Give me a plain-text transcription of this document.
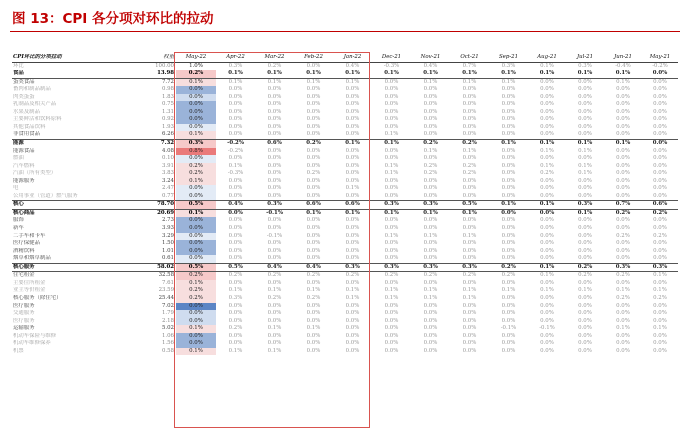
图 13：CPI 各分项对环比的拉动
CPI环比的分项拉动	权重	May-22	Apr-22	Mar-22	Feb-22	Jan-22	Dec-21	Nov-21	Oct-21	Sep-21	Aug-21	Jul-21	Jun-21	May-21
环比	100.00	1.0%	0.3%	0.2%	0.0%	0.4%	-0.3%	0.4%	0.7%	0.3%	0.1%	0.3%	-0.4%	-0.2%
食品	13.98	0.2%	0.1%	0.1%	0.1%	0.1%	0.1%	0.1%	0.1%	0.1%	0.1%	0.1%	0.1%	0.0%
蛋类食品	7.72	0.1%	0.1%	0.1%	0.1%	0.1%	0.0%	0.1%	0.1%	0.1%	0.0%	0.0%	0.1%	0.0%
畜肉和制品制品	0.98	0.0%	0.0%	0.0%	0.0%	0.0%	0.0%	0.0%	0.0%	0.0%	0.0%	0.0%	0.0%	0.0%
肉类蛋蛋	1.83	0.0%	0.0%	0.0%	0.0%	0.0%	0.0%	0.0%	0.0%	0.0%	0.0%	0.0%	0.0%	0.0%
乳制品及相关产品	0.75	0.0%	0.0%	0.0%	0.0%	0.0%	0.0%	0.0%	0.0%	0.0%	0.0%	0.0%	0.0%	0.0%
水果及制品	1.31	0.0%	0.0%	0.0%	0.0%	0.0%	0.0%	0.0%	0.0%	0.0%	0.0%	0.0%	0.0%	0.0%
主要鲜活和饮料原料	0.92	0.0%	0.0%	0.0%	0.0%	0.0%	0.0%	0.0%	0.0%	0.0%	0.0%	0.0%	0.0%	0.0%
其他食品饮料	1.93	0.0%	0.0%	0.0%	0.0%	0.0%	0.0%	0.0%	0.0%	0.0%	0.0%	0.0%	0.0%	0.0%
非食用食品	6.26	0.1%	0.0%	0.0%	0.0%	0.0%	0.1%	0.0%	0.0%	0.0%	0.0%	0.0%	0.0%	0.0%
能源	7.32	0.3%	-0.2%	0.6%	0.2%	0.1%	0.1%	0.2%	0.2%	0.1%	0.1%	0.1%	0.1%	0.0%
能源食品	4.08	0.8%	-0.2%	0.0%	0.0%	0.0%	0.0%	0.1%	0.1%	0.0%	0.1%	0.1%	0.0%	0.0%
燃油	0.10	0.0%	0.0%	0.0%	0.0%	0.0%	0.0%	0.0%	0.0%	0.0%	0.0%	0.0%	0.0%	0.0%
汽车燃料	3.91	0.2%	0.1%	0.0%	0.0%	0.0%	0.1%	0.2%	0.2%	0.0%	0.1%	0.1%	0.0%	0.0%
汽油（所有类型）	3.83	0.2%	-0.3%	0.0%	0.2%	0.0%	0.1%	0.2%	0.2%	0.0%	0.2%	0.1%	0.0%	0.0%
能源服务	3.24	0.1%	0.0%	0.0%	0.0%	0.0%	0.0%	0.0%	0.0%	0.0%	0.0%	0.0%	0.0%	0.0%
电	2.47	0.0%	0.0%	0.0%	0.0%	0.1%	0.0%	0.0%	0.0%	0.0%	0.0%	0.0%	0.0%	0.0%
公用事业（管道）燃气服务	0.77	0.0%	0.0%	0.0%	0.0%	0.0%	0.0%	0.0%	0.0%	0.0%	0.0%	0.0%	0.0%	0.0%
核心	78.70	0.5%	0.4%	0.3%	0.6%	0.6%	0.3%	0.3%	0.5%	0.1%	0.1%	0.3%	0.7%	0.6%
核心商品	20.69	0.1%	0.0%	-0.1%	0.1%	0.1%	0.1%	0.1%	0.1%	0.0%	0.0%	0.1%	0.2%	0.2%
服饰	2.73	0.0%	0.0%	0.0%	0.0%	0.0%	0.0%	0.0%	0.0%	0.0%	0.0%	0.0%	0.0%	0.0%
新车	3.93	0.0%	0.0%	0.0%	0.0%	0.0%	0.0%	0.0%	0.0%	0.0%	0.0%	0.0%	0.0%	0.0%
二手车和卡车	3.29	0.0%	0.0%	-0.1%	0.0%	0.0%	0.1%	0.1%	0.1%	0.0%	0.0%	0.0%	0.2%	0.2%
医疗保健品	1.50	0.0%	0.0%	0.0%	0.0%	0.0%	0.0%	0.0%	0.0%	0.0%	0.0%	0.0%	0.0%	0.0%
酒精饮料	1.01	0.0%	0.0%	0.0%	0.0%	0.0%	0.0%	0.0%	0.0%	0.0%	0.0%	0.0%	0.0%	0.0%
烟草和烟草制品	0.61	0.0%	0.0%	0.0%	0.0%	0.0%	0.0%	0.0%	0.0%	0.0%	0.0%	0.0%	0.0%	0.0%
核心服务	58.02	0.5%	0.5%	0.4%	0.4%	0.3%	0.3%	0.3%	0.3%	0.2%	0.1%	0.2%	0.3%	0.3%
住宅租金	32.58	0.2%	0.2%	0.2%	0.2%	0.2%	0.2%	0.2%	0.2%	0.2%	0.1%	0.2%	0.2%	0.1%
主要住所租金	7.61	0.1%	0.0%	0.0%	0.0%	0.0%	0.0%	0.0%	0.0%	0.0%	0.0%	0.0%	0.0%	0.0%
业主等价租金	23.59	0.2%	0.1%	0.1%	0.1%	0.1%	0.1%	0.1%	0.1%	0.1%	0.1%	0.1%	0.1%	0.1%
核心服务（除住宅）	25.44	0.2%	0.3%	0.2%	0.2%	0.1%	0.1%	0.1%	0.1%	0.0%	0.0%	0.0%	0.2%	0.2%
医疗服务	7.02	0.0%	0.0%	0.0%	0.0%	0.0%	0.0%	0.0%	0.0%	0.0%	0.0%	0.0%	0.0%	0.0%
交通服务	1.79	0.0%	0.0%	0.0%	0.0%	0.0%	0.0%	0.0%	0.0%	0.0%	0.0%	0.0%	0.0%	0.0%
医疗服务	2.18	0.0%	0.0%	0.0%	0.0%	0.0%	0.0%	0.0%	0.0%	0.0%	0.0%	0.0%	0.0%	0.0%
运输服务	5.02	0.1%	0.2%	0.1%	0.1%	0.0%	0.0%	0.0%	0.0%	-0.1%	-0.1%	0.0%	0.1%	0.1%
机动车保险与维修	1.06	0.0%	0.0%	0.0%	0.0%	0.0%	0.0%	0.0%	0.0%	0.0%	0.0%	0.0%	0.0%	0.0%
机动车维修保养	1.56	0.0%	0.0%	0.0%	0.0%	0.0%	0.0%	0.0%	0.0%	0.0%	0.0%	0.0%	0.0%	0.0%
机票	0.58	0.1%	0.1%	0.1%	0.0%	0.0%	0.0%	0.0%	0.0%	0.0%	0.0%	0.0%	0.0%	0.0%
